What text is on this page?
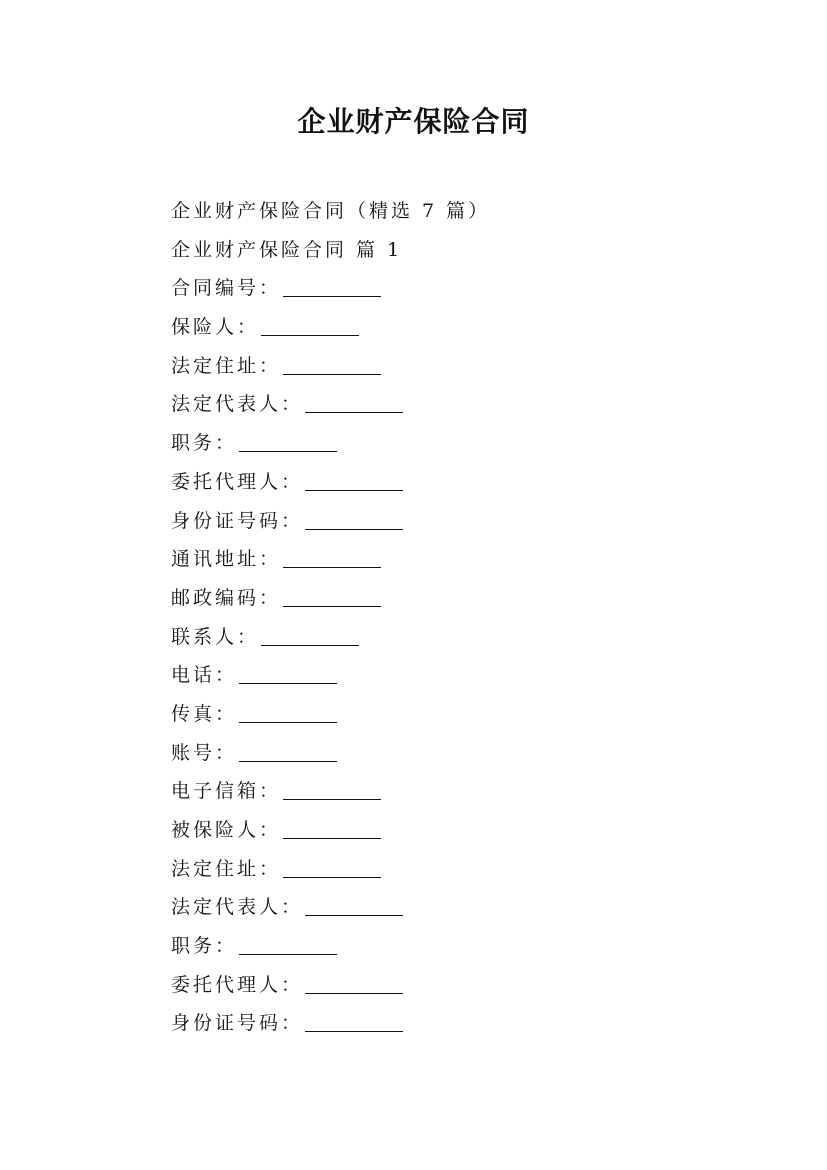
企业财产保险合同
企业财产保险合同（精选 7 篇）
企业财产保险合同 篇 1
合同编号：
保险人：
法定住址：
法定代表人：
职务：
委托代理人：
身份证号码：
通讯地址：
邮政编码：
联系人：
电话：
传真：
账号：
电子信箱：
被保险人：
法定住址：
法定代表人：
职务：
委托代理人：
身份证号码：
